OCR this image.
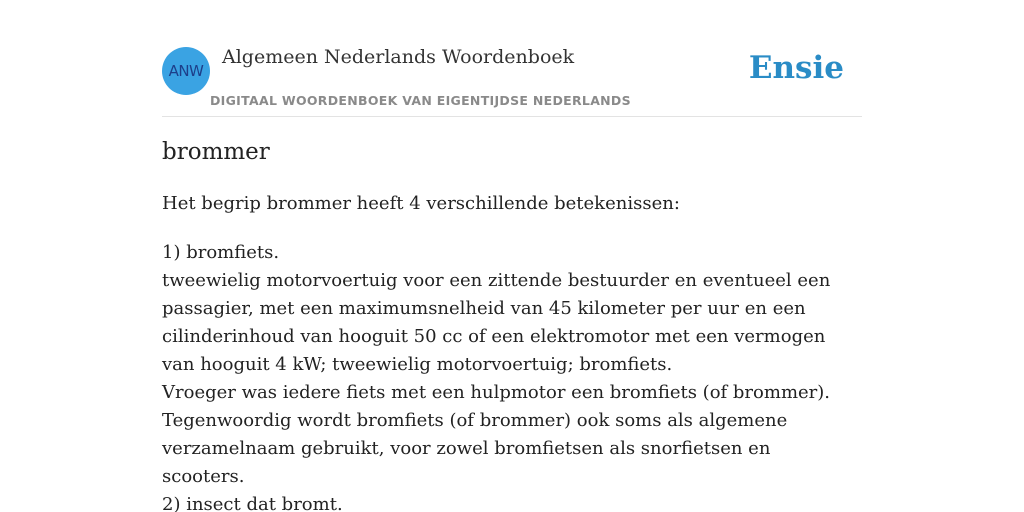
ANW
Algemeen Nederlands Woordenboek
DIGITAAL WOORDENBOEK VAN EIGENTIJDSE NEDERLANDS
Ensie
brommer
Het begrip brommer heeft 4 verschillende betekenissen:
1) bromfiets.
tweewielig motorvoertuig voor een zittende bestuurder en eventueel een passagier, met een maximumsnelheid van 45 kilometer per uur en een cilinderinhoud van hooguit 50 cc of een elektromotor met een vermogen van hooguit 4 kW; tweewielig motorvoertuig; bromfiets.
Vroeger was iedere fiets met een hulpmotor een bromfiets (of brommer).
Tegenwoordig wordt bromfiets (of brommer) ook soms als algemene verzamelnaam gebruikt, voor zowel bromfietsen als snorfietsen en scooters.
2) insect dat bromt.
